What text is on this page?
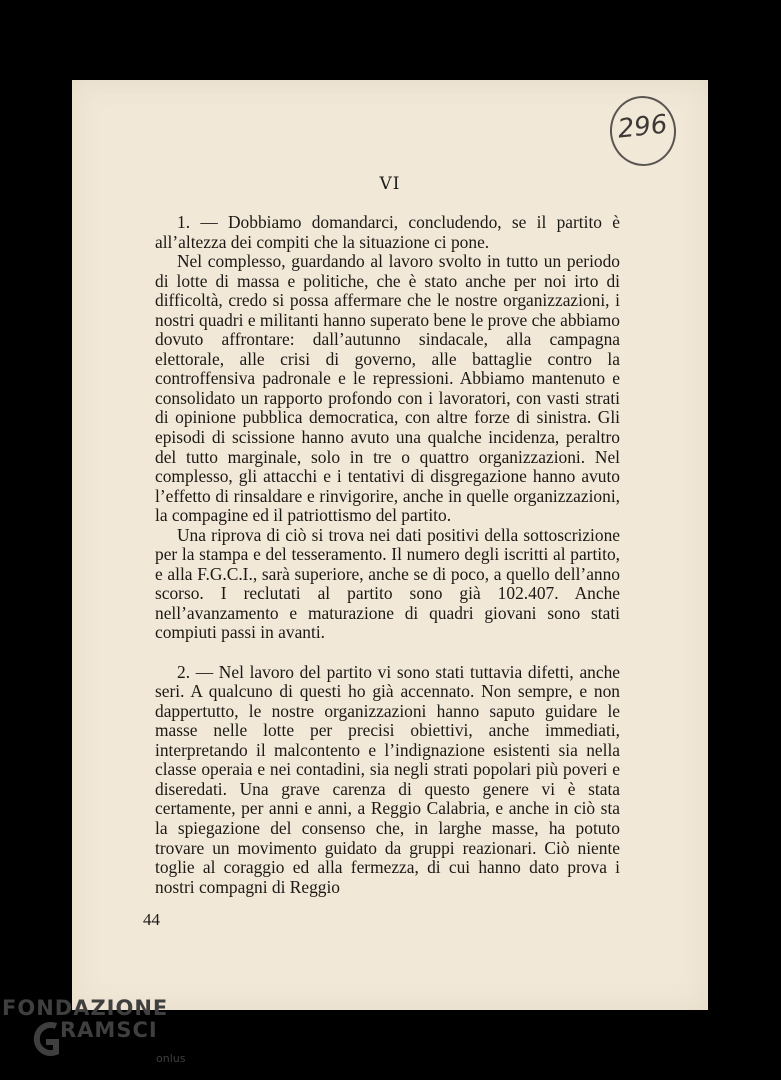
296
VI

1. — Dobbiamo domandarci, concludendo, se il partito è all’altezza dei compiti che la situazione ci pone.

Nel complesso, guardando al lavoro svolto in tutto un periodo di lotte di massa e politiche, che è stato anche per noi irto di difficoltà, credo si possa affermare che le nostre organizzazioni, i nostri quadri e militanti hanno superato bene le prove che abbiamo dovuto affrontare: dall’autunno sindacale, alla campagna elettorale, alle crisi di governo, alle battaglie contro la controffensiva padronale e le repressioni. Abbiamo mantenuto e consolidato un rapporto profondo con i lavoratori, con vasti strati di opinione pubblica democratica, con altre forze di sinistra. Gli episodi di scissione hanno avuto una qualche incidenza, peraltro del tutto marginale, solo in tre o quattro organizzazioni. Nel complesso, gli attacchi e i tentativi di disgregazione hanno avuto l’effetto di rinsaldare e rinvigorire, anche in quelle organizzazioni, la compagine ed il patriottismo del partito.

Una riprova di ciò si trova nei dati positivi della sottoscrizione per la stampa e del tesseramento. Il numero degli iscritti al partito, e alla F.G.C.I., sarà superiore, anche se di poco, a quello dell’anno scorso. I reclutati al partito sono già 102.407. Anche nell’avanzamento e maturazione di quadri giovani sono stati compiuti passi in avanti.

2. — Nel lavoro del partito vi sono stati tuttavia difetti, anche seri. A qualcuno di questi ho già accennato. Non sempre, e non dappertutto, le nostre organizzazioni hanno saputo guidare le masse nelle lotte per precisi obiettivi, anche immediati, interpretando il malcontento e l’indignazione esistenti sia nella classe operaia e nei contadini, sia negli strati popolari più poveri e diseredati. Una grave carenza di questo genere vi è stata certamente, per anni e anni, a Reggio Calabria, e anche in ciò sta la spiegazione del consenso che, in larghe masse, ha potuto trovare un movimento guidato da gruppi reazionari. Ciò niente toglie al coraggio ed alla fermezza, di cui hanno dato prova i nostri compagni di Reggio

44
FONDAZIONE
RAMSCI
onlus
